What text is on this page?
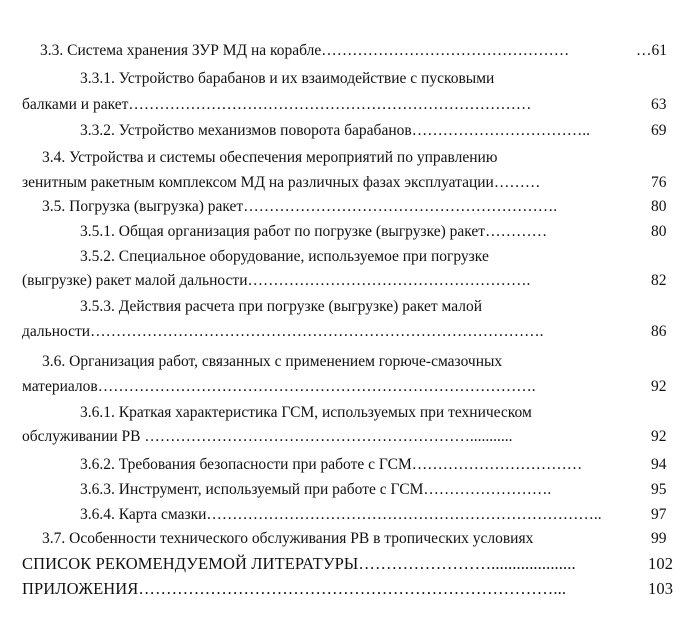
3.3. Система хранения ЗУР МД на корабле…………………………………………	…61
3.3.1. Устройство барабанов и их взаимодействие с пусковыми
балками и ракет……………………………………………………………………	63
3.3.2. Устройство механизмов поворота барабанов……………………………..	69
3.4. Устройства и системы обеспечения мероприятий по управлению
зенитным ракетным комплексом МД на различных фазах эксплуатации………	76
3.5. Погрузка (выгрузка) ракет…………………………………………………….	80
3.5.1. Общая организация работ по погрузке (выгрузке) ракет…………	80
3.5.2. Специальное оборудование, используемое при погрузке
(выгрузке) ракет малой дальности……………………………………………….	82
3.5.3. Действия расчета при погрузке (выгрузке) ракет малой
дальности…………………………………………………………………………….	86
3.6. Организация работ, связанных с применением горюче-смазочных
материалов………………………………………………………………………….	92
3.6.1. Краткая характеристика ГСМ, используемых при техническом
обслуживании РВ ………………………………………………………...........	92
3.6.2. Требования безопасности при работе с ГСМ……………………………	94
3.6.3. Инструмент, используемый при работе с ГСМ…………………….	95
3.6.4. Карта смазки…………………………………………………………………..	97
3.7. Особенности технического обслуживания РВ в тропических условиях	99
СПИСОК РЕКОМЕНДУЕМОЙ ЛИТЕРАТУРЫ……………………....................	102
ПРИЛОЖЕНИЯ…………………………………………………………………...	103
